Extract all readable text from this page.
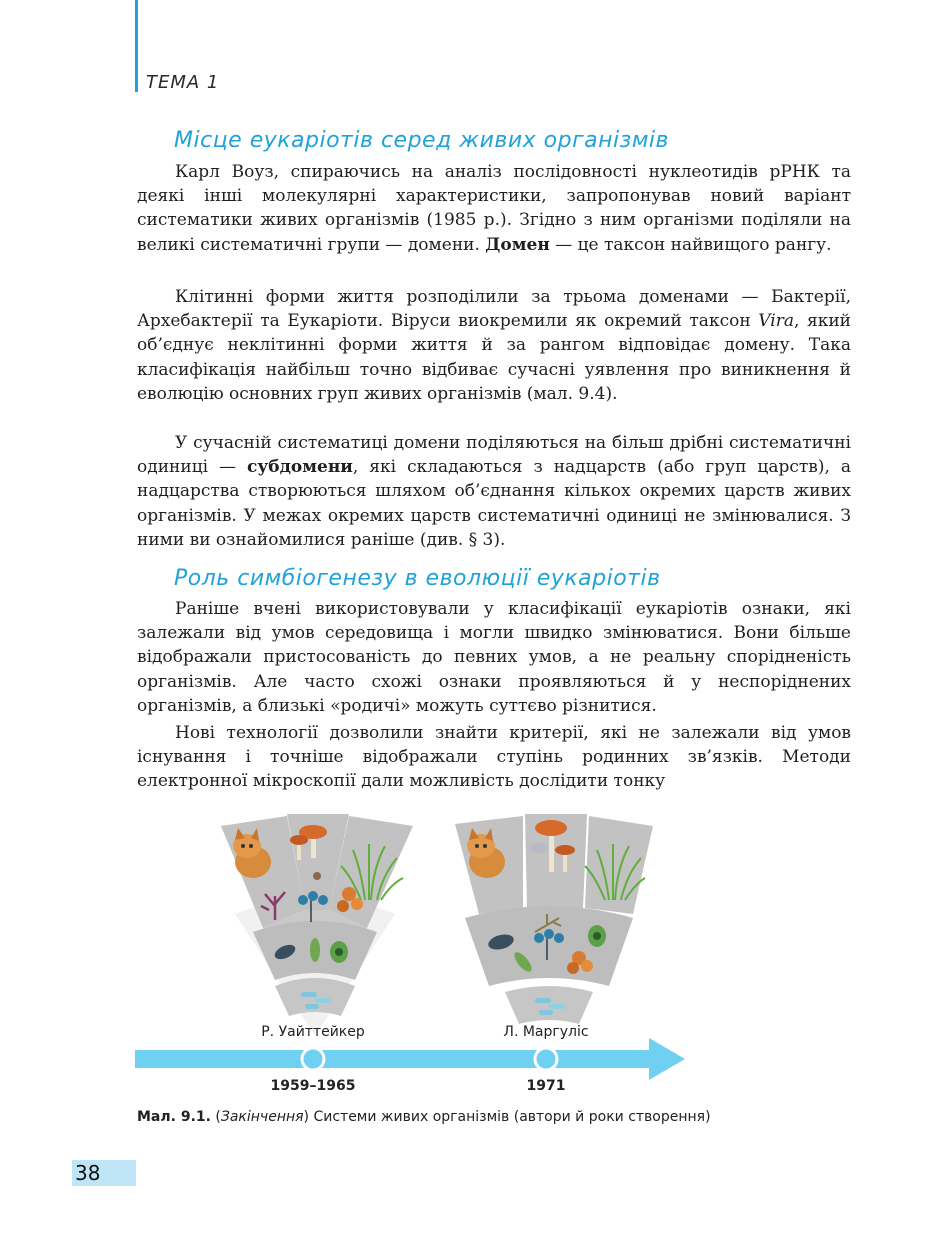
ТЕМА 1
Місце еукаріотів серед живих організмів

Карл Воуз, спираючись на аналіз послідовності нуклеотидів рРНК та деякі інші молекулярні характеристики, запропонував новий варіант систематики живих організмів (1985 р.). Згідно з ним організми поділяли на великі систематичні групи — домени. Домен — це таксон найвищого рангу.

Клітинні форми життя розподілили за трьома доменами — Бактерії, Архебактерії та Еукаріоти. Віруси виокремили як окремий таксон Vira, який об’єднує неклітинні форми життя й за рангом відповідає домену. Така класифікація найбільш точно відбиває сучасні уявлення про виникнення й еволюцію основних груп живих організмів (мал. 9.4).

У сучасній систематиці домени поділяються на більш дрібні систематичні одиниці — субдомени, які складаються з надцарств (або груп царств), а надцарства створюються шляхом об’єднання кількох окремих царств живих організмів. У межах окремих царств систематичні одиниці не змінювалися. З ними ви ознайомилися раніше (див. § 3).

Роль симбіогенезу в еволюції еукаріотів

Раніше вчені використовували у класифікації еукаріотів ознаки, які залежали від умов середовища і могли швидко змінюватися. Вони більше відображали пристосованість до певних умов, а не реальну спорідненість організмів. Але часто схожі ознаки проявляються й у неспоріднених організмів, а близькі «родичі» можуть суттєво різнитися.

Нові технології дозволили знайти критерії, які не залежали від умов існування і точніше відображали ступінь родинних зв’язків. Методи електронної мікроскопії дали можливість дослідити тонку

Р. Уайттейкер	Л. Маргуліс
1959–1965	1971
Мал. 9.1. (Закінчення) Системи живих організмів (автори й роки створення)
38
